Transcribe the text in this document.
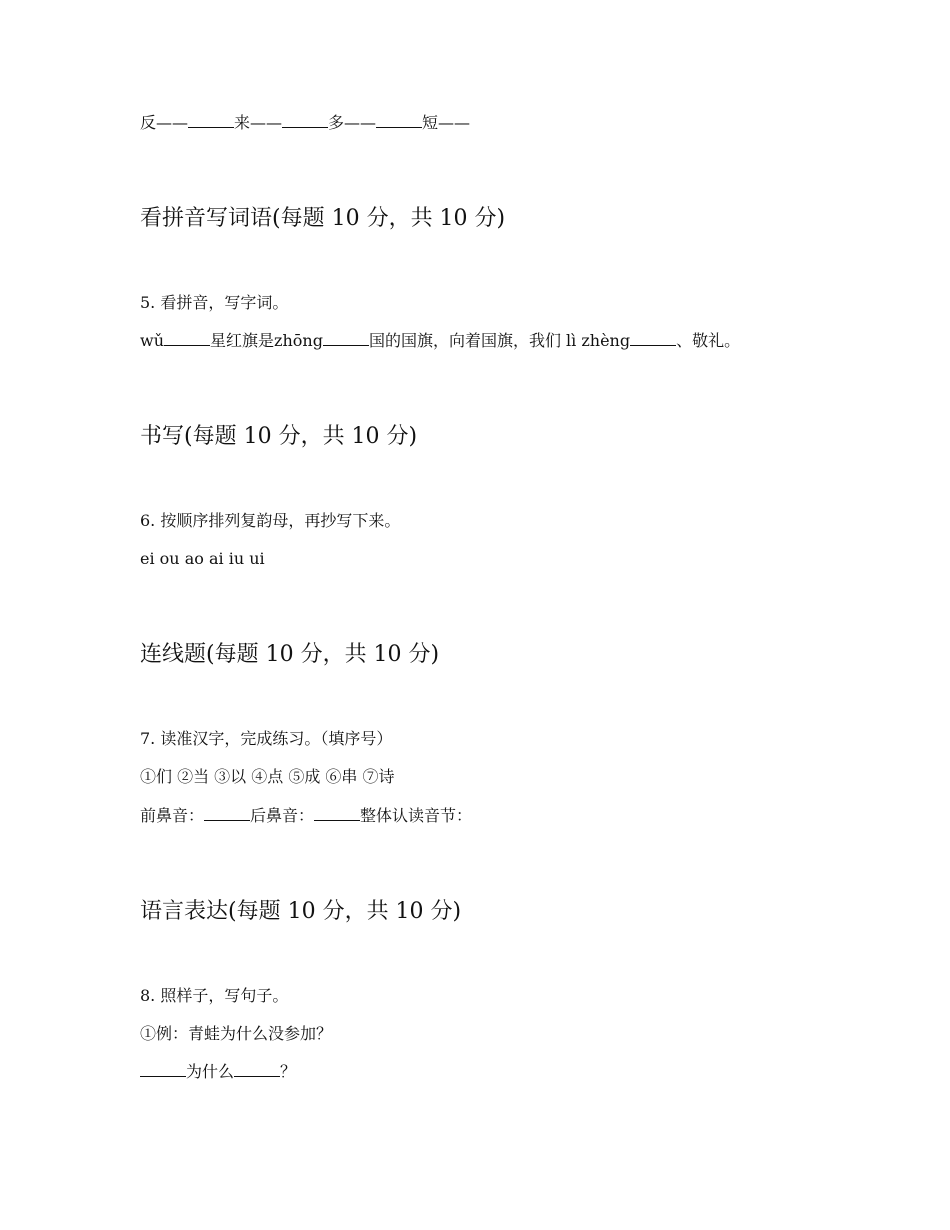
反——	来——	多——	短——
看拼音写词语(每题 10 分，共 10 分)
5. 看拼音，写字词。
wǔ	星红旗是zhōng	国的国旗，向着国旗，我们 lì zhèng	、敬礼。
书写(每题 10 分，共 10 分)
6. 按顺序排列复韵母，再抄写下来。
ei ou ao ai iu ui
连线题(每题 10 分，共 10 分)
7. 读准汉字，完成练习。（填序号）
①们 ②当 ③以 ④点 ⑤成 ⑥串 ⑦诗
前鼻音：	后鼻音：	整体认读音节：
语言表达(每题 10 分，共 10 分)
8. 照样子，写句子。
①例：青蛙为什么没参加？
为什么	？
